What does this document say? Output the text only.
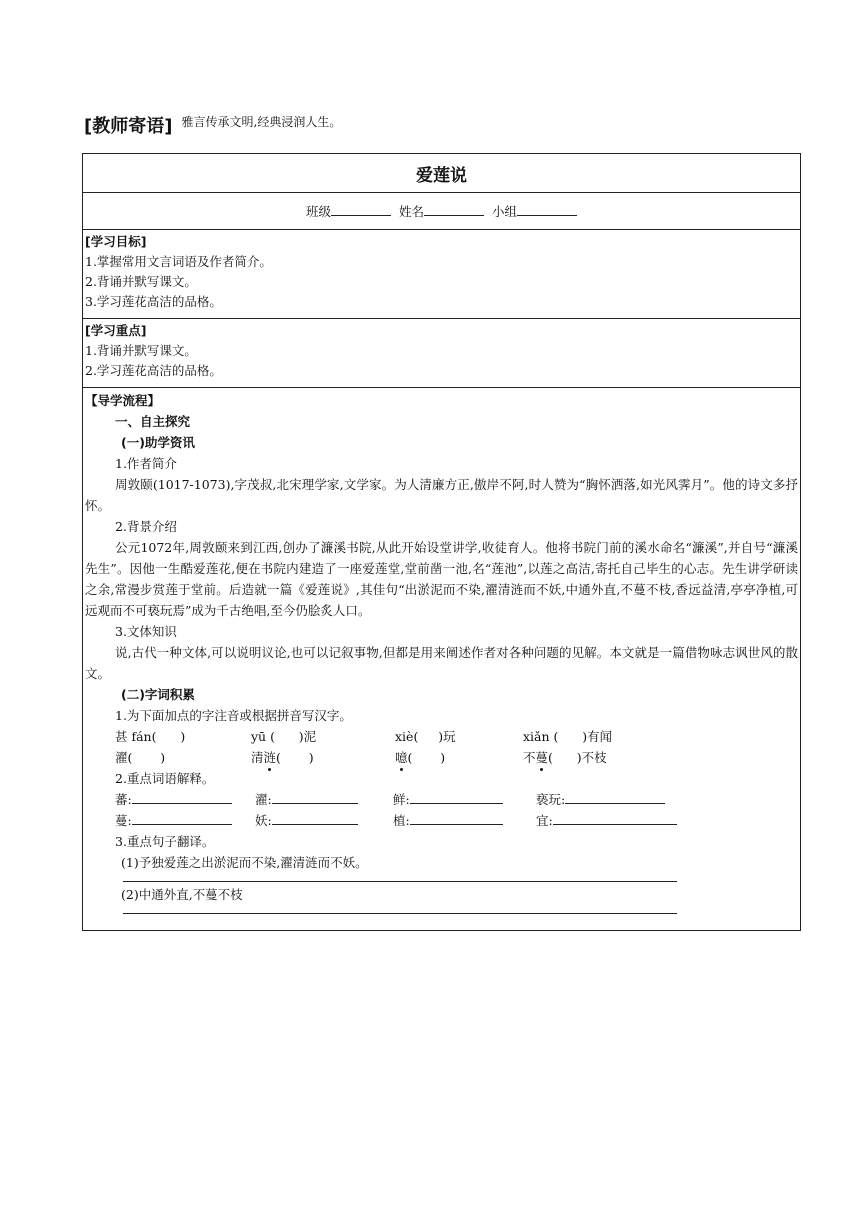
[教师寄语] $^{雅言传承文明,经典浸润人生。}$
爱莲说
班级	姓名	小组
[学习目标]
1.掌握常用文言词语及作者简介。
2.背诵并默写课文。
3.学习莲花高洁的品格。
[学习重点]
1.背诵并默写课文。
2.学习莲花高洁的品格。
【导学流程】
一、自主探究
(一)助学资讯
1.作者简介
周敦颐(1017-1073),字茂叔,北宋理学家,文学家。为人清廉方正,傲岸不阿,时人赞为“胸怀洒落,如光风霁月”。他的诗文多抒怀。
2.背景介绍
公元1072年,周敦颐来到江西,创办了濂溪书院,从此开始设堂讲学,收徒育人。他将书院门前的溪水命名“濂溪”,并自号“濂溪先生”。因他一生酷爱莲花,便在书院内建造了一座爱莲堂,堂前凿一池,名“莲池”,以莲之高洁,寄托自己毕生的心志。先生讲学研读之余,常漫步赏莲于堂前。后造就一篇《爱莲说》,其佳句“出淤泥而不染,濯清涟而不妖,中通外直,不蔓不枝,香远益清,亭亭净植,可远观而不可亵玩焉”成为千古绝唱,至今仍脍炙人口。
3.文体知识
说,古代一种文体,可以说明议论,也可以记叙事物,但都是用来阐述作者对各种问题的见解。本文就是一篇借物咏志讽世风的散文。
(二)字词积累
1.为下面加点的字注音或根据拼音写汉字。
甚 fán(      )	yū (      )泥	xiè(     )玩	xiǎn (      )有闻
濯(       )	清涟(       )	噫(       )	不蔓(      )不枝
2.重点词语解释。
蕃:	濯:	鲜:	亵玩:
蔓:	妖:	植:	宜:
3.重点句子翻译。
(1)予独爱莲之出淤泥而不染,濯清涟而不妖。
(2)中通外直,不蔓不枝
